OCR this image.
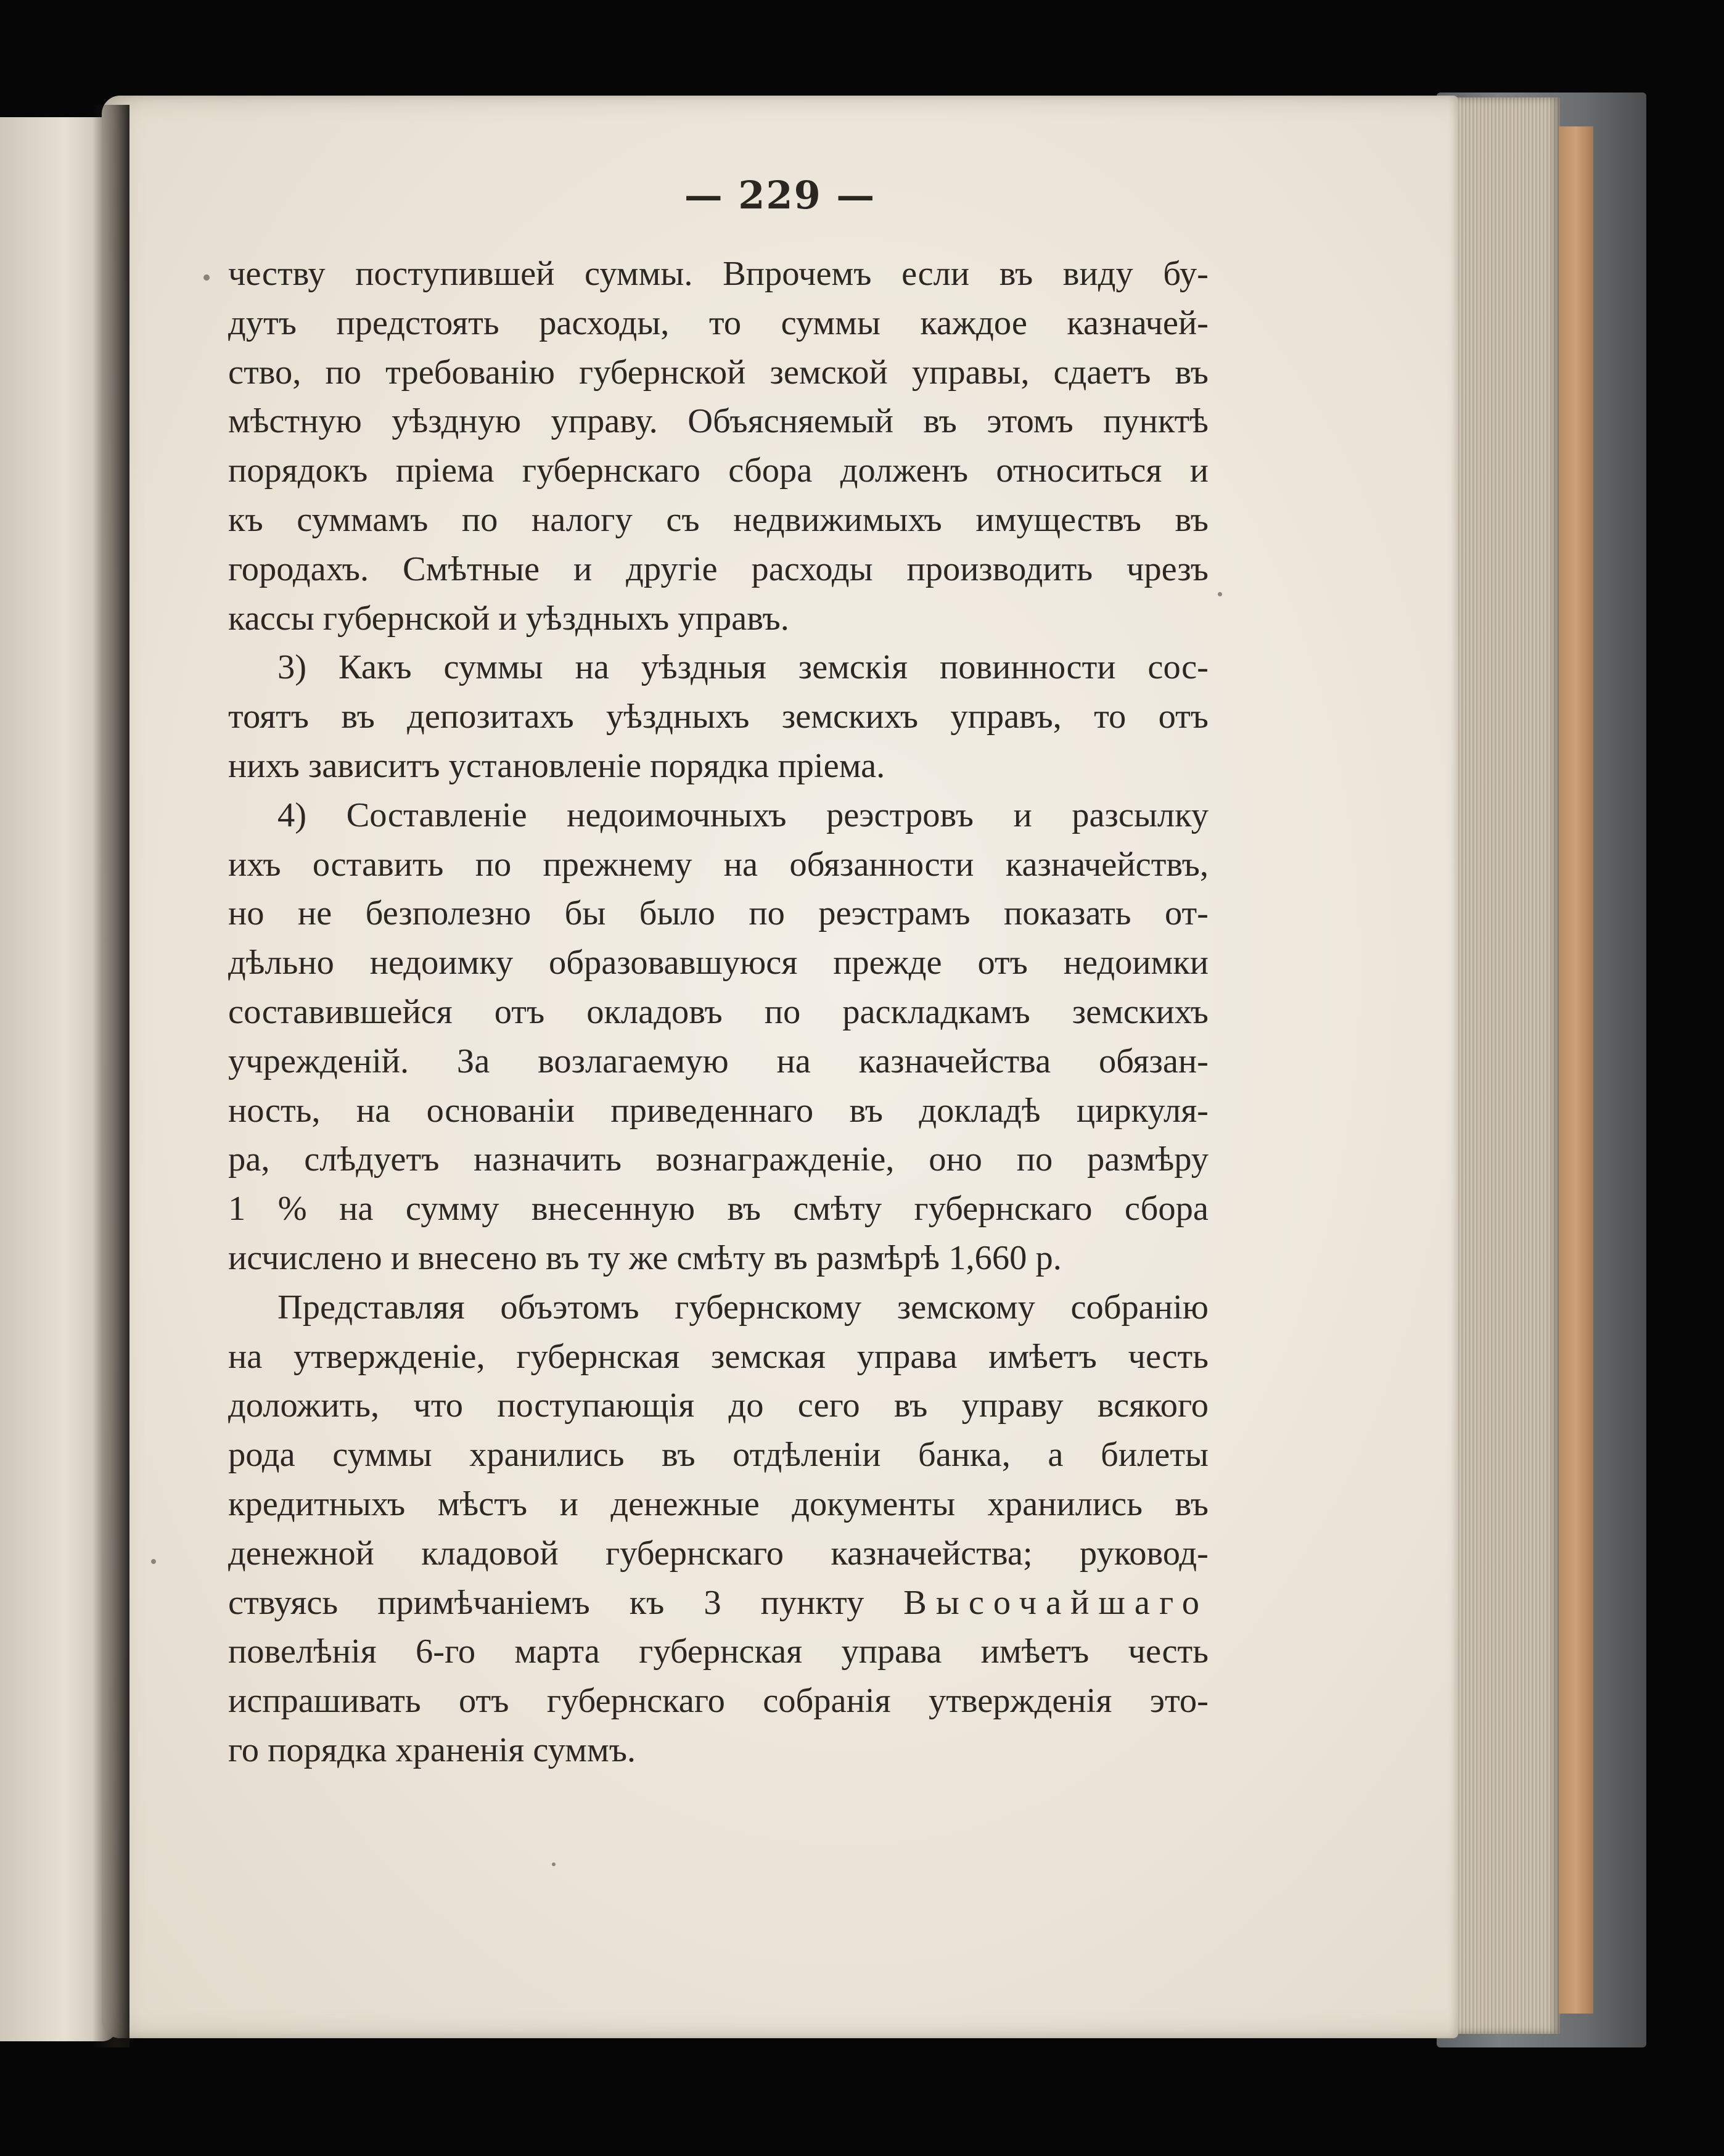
— 229 —

честву поступившей суммы. Впрочемъ если въ виду бу-
дутъ предстоять расходы, то суммы каждое казначей-
ство, по требованiю губернской земской управы, сдаетъ въ
мѣстную уѣздную управу. Объясняемый въ этомъ пунктѣ
порядокъ прiема губернскаго сбора долженъ относиться и
къ суммамъ по налогу съ недвижимыхъ имуществъ въ
городахъ. Смѣтные и другiе расходы производить чрезъ
кассы губернской и уѣздныхъ управъ.

3) Какъ суммы на уѣздныя земскiя повинности сос-
тоятъ въ депозитахъ уѣздныхъ земскихъ управъ, то отъ
нихъ зависитъ установленiе порядка прiема.

4) Составленiе недоимочныхъ реэстровъ и разсылку
ихъ оставить по прежнему на обязанности казначействъ,
но не безполезно бы было по реэстрамъ показать от-
дѣльно недоимку образовавшуюся прежде отъ недоимки
составившейся отъ окладовъ по раскладкамъ земскихъ
учрежденiй. За возлагаемую на казначейства обязан-
ность, на основанiи приведеннаго въ докладѣ циркуля-
ра, слѣдуетъ назначить вознагражденiе, оно по размѣру
1 % на сумму внесенную въ смѣту губернскаго сбора
исчислено и внесено въ ту же смѣту въ размѣрѣ 1,660 р.

Представляя объэтомъ губернскому земскому собранiю
на утвержденiе, губернская земская управа имѣетъ честь
доложить, что поступающiя до сего въ управу всякого
рода суммы хранились въ отдѣленiи банка, а билеты
кредитныхъ мѣстъ и денежные документы хранились въ
денежной кладовой губернскаго казначейства; руковод-
ствуясь примѣчанiемъ къ 3 пункту Высочайшаго
повелѣнiя 6-го марта губернская управа имѣетъ честь
испрашивать отъ губернскаго собранiя утвержденiя это-
го порядка храненiя суммъ.
